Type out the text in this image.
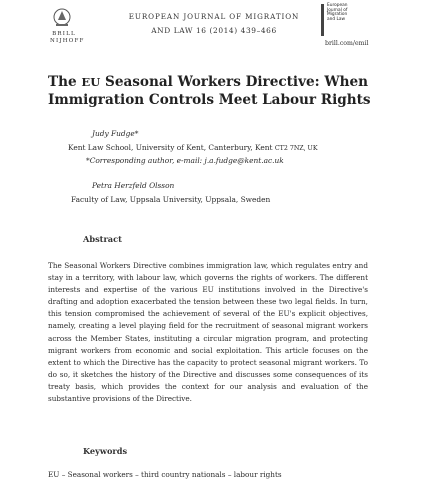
BRILL
NIJHOFF
EUROPEAN JOURNAL OF MIGRATION
AND LAW 16 (2014) 439–466
European
Journal of
Migration
and Law
brill.com/emil
The EU Seasonal Workers Directive: When
Immigration Controls Meet Labour Rights
Judy Fudge*
Kent Law School, University of Kent, Canterbury, Kent CT2 7NZ, UK
*Corresponding author, e-mail: j.a.fudge@kent.ac.uk
Petra Herzfeld Olsson
Faculty of Law, Uppsala University, Uppsala, Sweden
Abstract
The Seasonal Workers Directive combines immigration law, which regulates entry and stay in a territory, with labour law, which governs the rights of workers. The different interests and expertise of the various EU institutions involved in the Directive's drafting and adoption exacerbated the tension between these two legal fields. In turn, this tension compromised the achievement of several of the EU's explicit objectives, namely, creating a level playing field for the recruitment of seasonal migrant workers across the Member States, instituting a circular migration program, and protecting migrant workers from economic and social exploitation. This article focuses on the extent to which the Directive has the capacity to protect seasonal migrant workers. To do so, it sketches the history of the Directive and discusses some consequences of its treaty basis, which provides the context for our analysis and evaluation of the substantive provisions of the Directive.
Keywords
EU – Seasonal workers – third country nationals – labour rights
